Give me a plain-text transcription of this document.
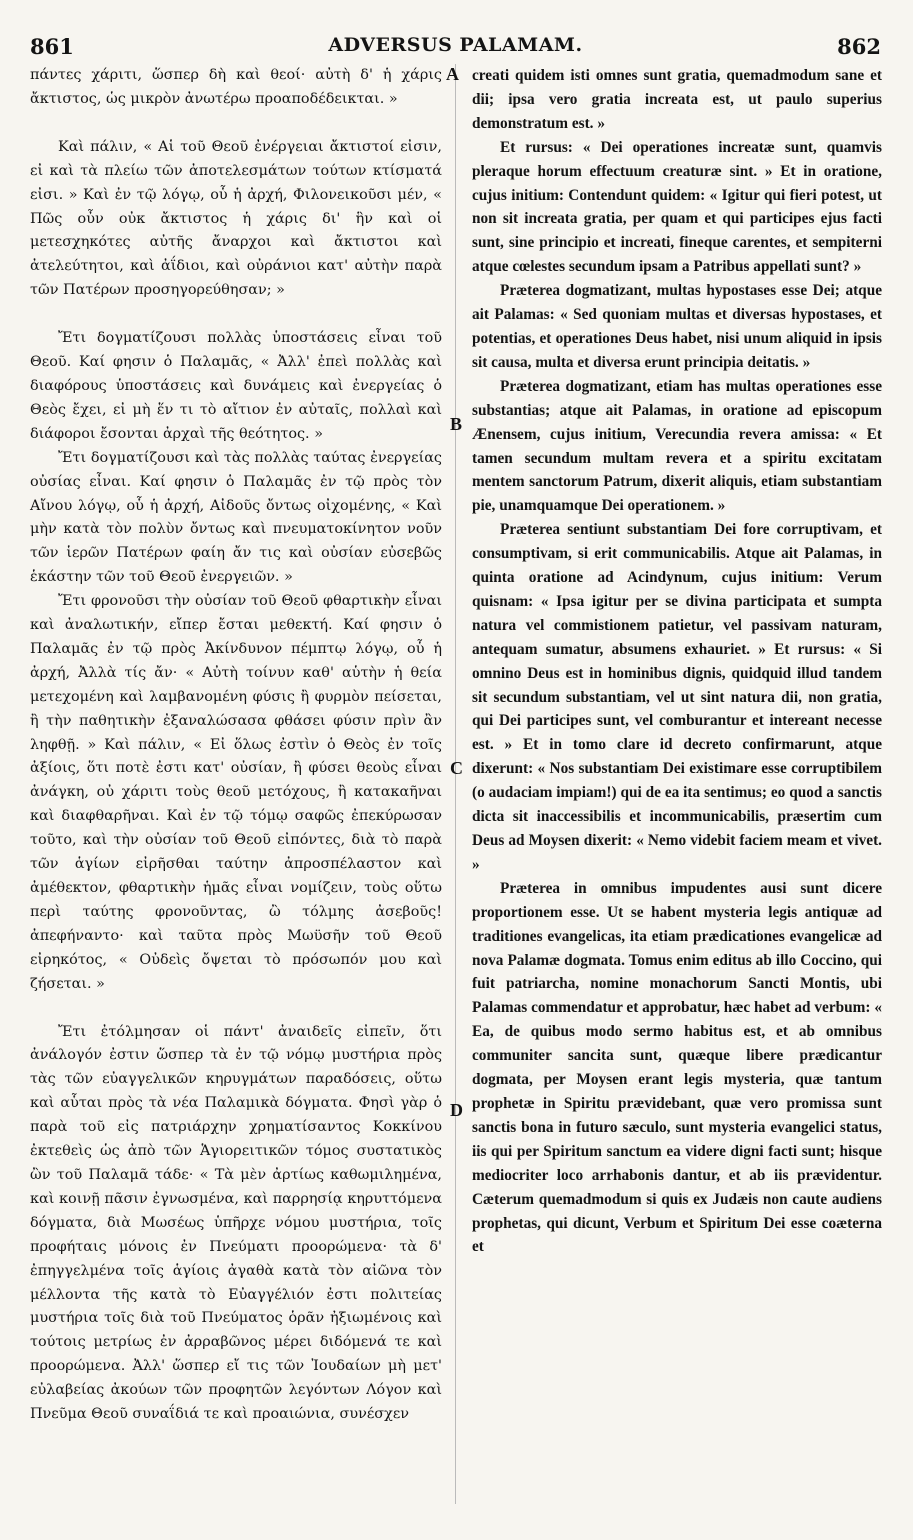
861	ADVERSUS PALAMAM.	862

πάντες χάριτι, ὥσπερ δὴ καὶ θεοί· αὐτὴ δ' ἡ χάρις ἄκτιστος, ὡς μικρὸν ἀνωτέρω προαποδέδεικται. »

Καὶ πάλιν, « Αἱ τοῦ Θεοῦ ἐνέργειαι ἄκτιστοί εἰσιν, εἰ καὶ τὰ πλείω τῶν ἀποτελεσμάτων τούτων κτίσματά εἰσι. » Καὶ ἐν τῷ λόγῳ, οὗ ἡ ἀρχή, Φιλονεικοῦσι μέν, « Πῶς οὖν οὐκ ἄκτιστος ἡ χάρις δι' ἣν καὶ οἱ μετεσχηκότες αὐτῆς ἄναρχοι καὶ ἄκτιστοι καὶ ἀτελεύτητοι, καὶ ἀΐδιοι, καὶ οὐράνιοι κατ' αὐτὴν παρὰ τῶν Πατέρων προσηγορεύθησαν; »

Ἔτι δογματίζουσι πολλὰς ὑποστάσεις εἶναι τοῦ Θεοῦ. Καί φησιν ὁ Παλαμᾶς, « Ἀλλ' ἐπεὶ πολλὰς καὶ διαφόρους ὑποστάσεις καὶ δυνάμεις καὶ ἐνεργείας ὁ Θεὸς ἔχει, εἰ μὴ ἕν τι τὸ αἴτιον ἐν αὐταῖς, πολλαὶ καὶ διάφοροι ἔσονται ἀρχαὶ τῆς θεότητος. »

Ἔτι δογματίζουσι καὶ τὰς πολλὰς ταύτας ἐνεργείας οὐσίας εἶναι. Καί φησιν ὁ Παλαμᾶς ἐν τῷ πρὸς τὸν Αἴνου λόγῳ, οὗ ἡ ἀρχή, Αἰδοῦς ὄντως οἰχομένης, « Καὶ μὴν κατὰ τὸν πολὺν ὄντως καὶ πνευματοκίνητον νοῦν τῶν ἱερῶν Πατέρων φαίη ἄν τις καὶ οὐσίαν εὐσεβῶς ἑκάστην τῶν τοῦ Θεοῦ ἐνεργειῶν. »

Ἔτι φρονοῦσι τὴν οὐσίαν τοῦ Θεοῦ φθαρτικὴν εἶναι καὶ ἀναλωτικήν, εἴπερ ἔσται μεθεκτή. Καί φησιν ὁ Παλαμᾶς ἐν τῷ πρὸς Ἀκίνδυνον πέμπτῳ λόγῳ, οὗ ἡ ἀρχή, Ἀλλὰ τίς ἄν· « Αὐτὴ τοίνυν καθ' αὑτὴν ἡ θεία μετεχομένη καὶ λαμβανομένη φύσις ἢ φυρμὸν πείσεται, ἢ τὴν παθητικὴν ἐξαναλώσασα φθάσει φύσιν πρὶν ἂν ληφθῇ. » Καὶ πάλιν, « Εἰ ὅλως ἐστὶν ὁ Θεὸς ἐν τοῖς ἀξίοις, ὅτι ποτὲ ἐστι κατ' οὐσίαν, ἢ φύσει θεοὺς εἶναι ἀνάγκη, οὐ χάριτι τοὺς θεοῦ μετόχους, ἢ κατακαῆναι καὶ διαφθαρῆναι. Καὶ ἐν τῷ τόμῳ σαφῶς ἐπεκύρωσαν τοῦτο, καὶ τὴν οὐσίαν τοῦ Θεοῦ εἰπόντες, διὰ τὸ παρὰ τῶν ἁγίων εἰρῆσθαι ταύτην ἀπροσπέλαστον καὶ ἀμέθεκτον, φθαρτικὴν ἡμᾶς εἶναι νομίζειν, τοὺς οὕτω περὶ ταύτης φρονοῦντας, ὢ τόλμης ἀσεβοῦς! ἀπεφήναντο· καὶ ταῦτα πρὸς Μωϋσῆν τοῦ Θεοῦ εἰρηκότος, « Οὐδεὶς ὄψεται τὸ πρόσωπόν μου καὶ ζήσεται. »

Ἔτι ἐτόλμησαν οἱ πάντ' ἀναιδεῖς εἰπεῖν, ὅτι ἀνάλογόν ἐστιν ὥσπερ τὰ ἐν τῷ νόμῳ μυστήρια πρὸς τὰς τῶν εὐαγγελικῶν κηρυγμάτων παραδόσεις, οὕτω καὶ αὗται πρὸς τὰ νέα Παλαμικὰ δόγματα. Φησὶ γὰρ ὁ παρὰ τοῦ εἰς πατριάρχην χρηματίσαντος Κοκκίνου ἐκτεθεὶς ὡς ἀπὸ τῶν Ἁγιορειτικῶν τόμος συστατικὸς ὢν τοῦ Παλαμᾶ τάδε· « Τὰ μὲν ἀρτίως καθωμιλημένα, καὶ κοινῇ πᾶσιν ἐγνωσμένα, καὶ παρρησίᾳ κηρυττόμενα δόγματα, διὰ Μωσέως ὑπῆρχε νόμου μυστήρια, τοῖς προφήταις μόνοις ἐν Πνεύματι προορώμενα· τὰ δ' ἐπηγγελμένα τοῖς ἁγίοις ἀγαθὰ κατὰ τὸν αἰῶνα τὸν μέλλοντα τῆς κατὰ τὸ Εὐαγγέλιόν ἐστι πολιτείας μυστήρια τοῖς διὰ τοῦ Πνεύματος ὁρᾶν ἠξιωμένοις καὶ τούτοις μετρίως ἐν ἀρραβῶνος μέρει διδόμενά τε καὶ προορώμενα. Ἀλλ' ὥσπερ εἴ τις τῶν Ἰουδαίων μὴ μετ' εὐλαβείας ἀκούων τῶν προφητῶν λεγόντων Λόγον καὶ Πνεῦμα Θεοῦ συναΐδιά τε καὶ προαιώνια, συνέσχεν

A
B
C
D

creati quidem isti omnes sunt gratia, quemadmodum sane et dii; ipsa vero gratia increata est, ut paulo superius demonstratum est. »

Et rursus: « Dei operationes increatæ sunt, quamvis pleraque horum effectuum creaturæ sint. » Et in oratione, cujus initium: Contendunt quidem: « Igitur qui fieri potest, ut non sit increata gratia, per quam et qui participes ejus facti sunt, sine principio et increati, fineque carentes, et sempiterni atque cœlestes secundum ipsam a Patribus appellati sunt? »

Præterea dogmatizant, multas hypostases esse Dei; atque ait Palamas: « Sed quoniam multas et diversas hypostases, et potentias, et operationes Deus habet, nisi unum aliquid in ipsis sit causa, multa et diversa erunt principia deitatis. »

Præterea dogmatizant, etiam has multas operationes esse substantias; atque ait Palamas, in oratione ad episcopum Ænensem, cujus initium, Verecundia revera amissa: « Et tamen secundum multam revera et a spiritu excitatam mentem sanctorum Patrum, dixerit aliquis, etiam substantiam pie, unamquamque Dei operationem. »

Præterea sentiunt substantiam Dei fore corruptivam, et consumptivam, si erit communicabilis. Atque ait Palamas, in quinta oratione ad Acindynum, cujus initium: Verum quisnam: « Ipsa igitur per se divina participata et sumpta natura vel commistionem patietur, vel passivam naturam, antequam sumatur, absumens exhauriet. » Et rursus: « Si omnino Deus est in hominibus dignis, quidquid illud tandem sit secundum substantiam, vel ut sint natura dii, non gratia, qui Dei participes sunt, vel comburantur et intereant necesse est. » Et in tomo clare id decreto confirmarunt, atque dixerunt: « Nos substantiam Dei existimare esse corruptibilem (o audaciam impiam!) qui de ea ita sentimus; eo quod a sanctis dicta sit inaccessibilis et incommunicabilis, præsertim cum Deus ad Moysen dixerit: « Nemo videbit faciem meam et vivet. »

Præterea in omnibus impudentes ausi sunt dicere proportionem esse. Ut se habent mysteria legis antiquæ ad traditiones evangelicas, ita etiam prædicationes evangelicæ ad nova Palamæ dogmata. Tomus enim editus ab illo Coccino, qui fuit patriarcha, nomine monachorum Sancti Montis, ubi Palamas commendatur et approbatur, hæc habet ad verbum: « Ea, de quibus modo sermo habitus est, et ab omnibus communiter sancita sunt, quæque libere prædicantur dogmata, per Moysen erant legis mysteria, quæ tantum prophetæ in Spiritu prævidebant, quæ vero promissa sunt sanctis bona in futuro sæculo, sunt mysteria evangelici status, iis qui per Spiritum sanctum ea videre digni facti sunt; hisque mediocriter loco arrhabonis dantur, et ab iis prævidentur. Cæterum quemadmodum si quis ex Judæis non caute audiens prophetas, qui dicunt, Verbum et Spiritum Dei esse coæterna et
